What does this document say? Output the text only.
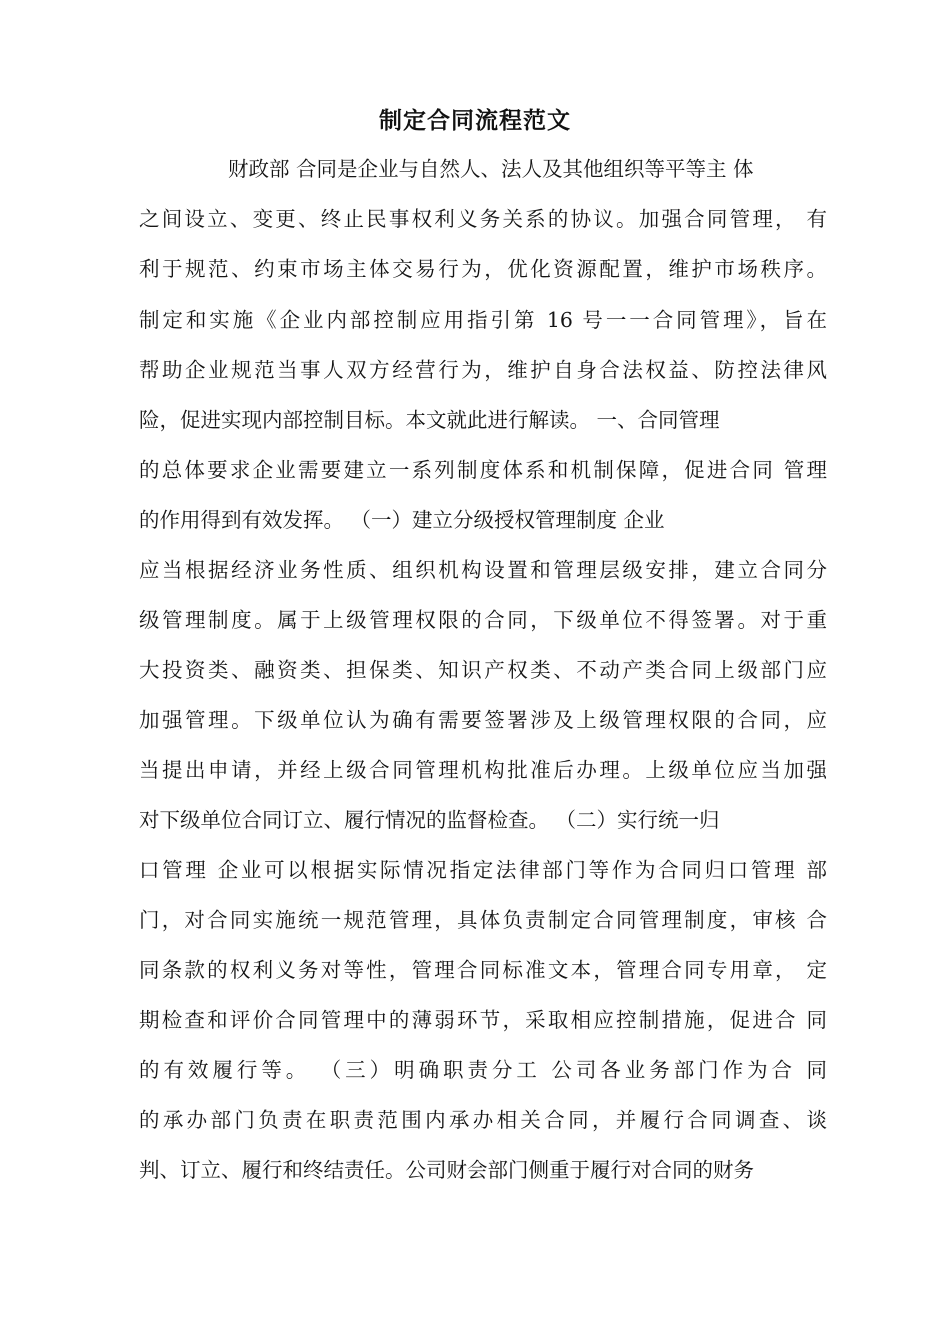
制定合同流程范文
财政部 合同是企业与自然人、法人及其他组织等平等主 体
之间设立、变更、终止民事权利义务关系的协议。加强合同管理， 有
利于规范、约束市场主体交易行为，优化资源配置，维护市场秩序。
制定和实施《企业内部控制应用指引第 16 号一一合同管理》，旨在
帮助企业规范当事人双方经营行为，维护自身合法权益、防控法律风
险，促进实现内部控制目标。本文就此进行解读。 一、合同管理
的总体要求企业需要建立一系列制度体系和机制保障，促进合同 管理
的作用得到有效发挥。 （一）建立分级授权管理制度 企业
应当根据经济业务性质、组织机构设置和管理层级安排，建立合同分
级管理制度。属于上级管理权限的合同，下级单位不得签署。对于重
大投资类、融资类、担保类、知识产权类、不动产类合同上级部门应
加强管理。下级单位认为确有需要签署涉及上级管理权限的合同，应
当提出申请，并经上级合同管理机构批准后办理。上级单位应当加强
对下级单位合同订立、履行情况的监督检查。 （二）实行统一归
口管理 企业可以根据实际情况指定法律部门等作为合同归口管理 部
门，对合同实施统一规范管理，具体负责制定合同管理制度，审核 合
同条款的权利义务对等性，管理合同标准文本，管理合同专用章， 定
期检查和评价合同管理中的薄弱环节，采取相应控制措施，促进合 同
的有效履行等。 （三）明确职责分工 公司各业务部门作为合 同
的承办部门负责在职责范围内承办相关合同，并履行合同调查、谈
判、订立、履行和终结责任。公司财会部门侧重于履行对合同的财务
